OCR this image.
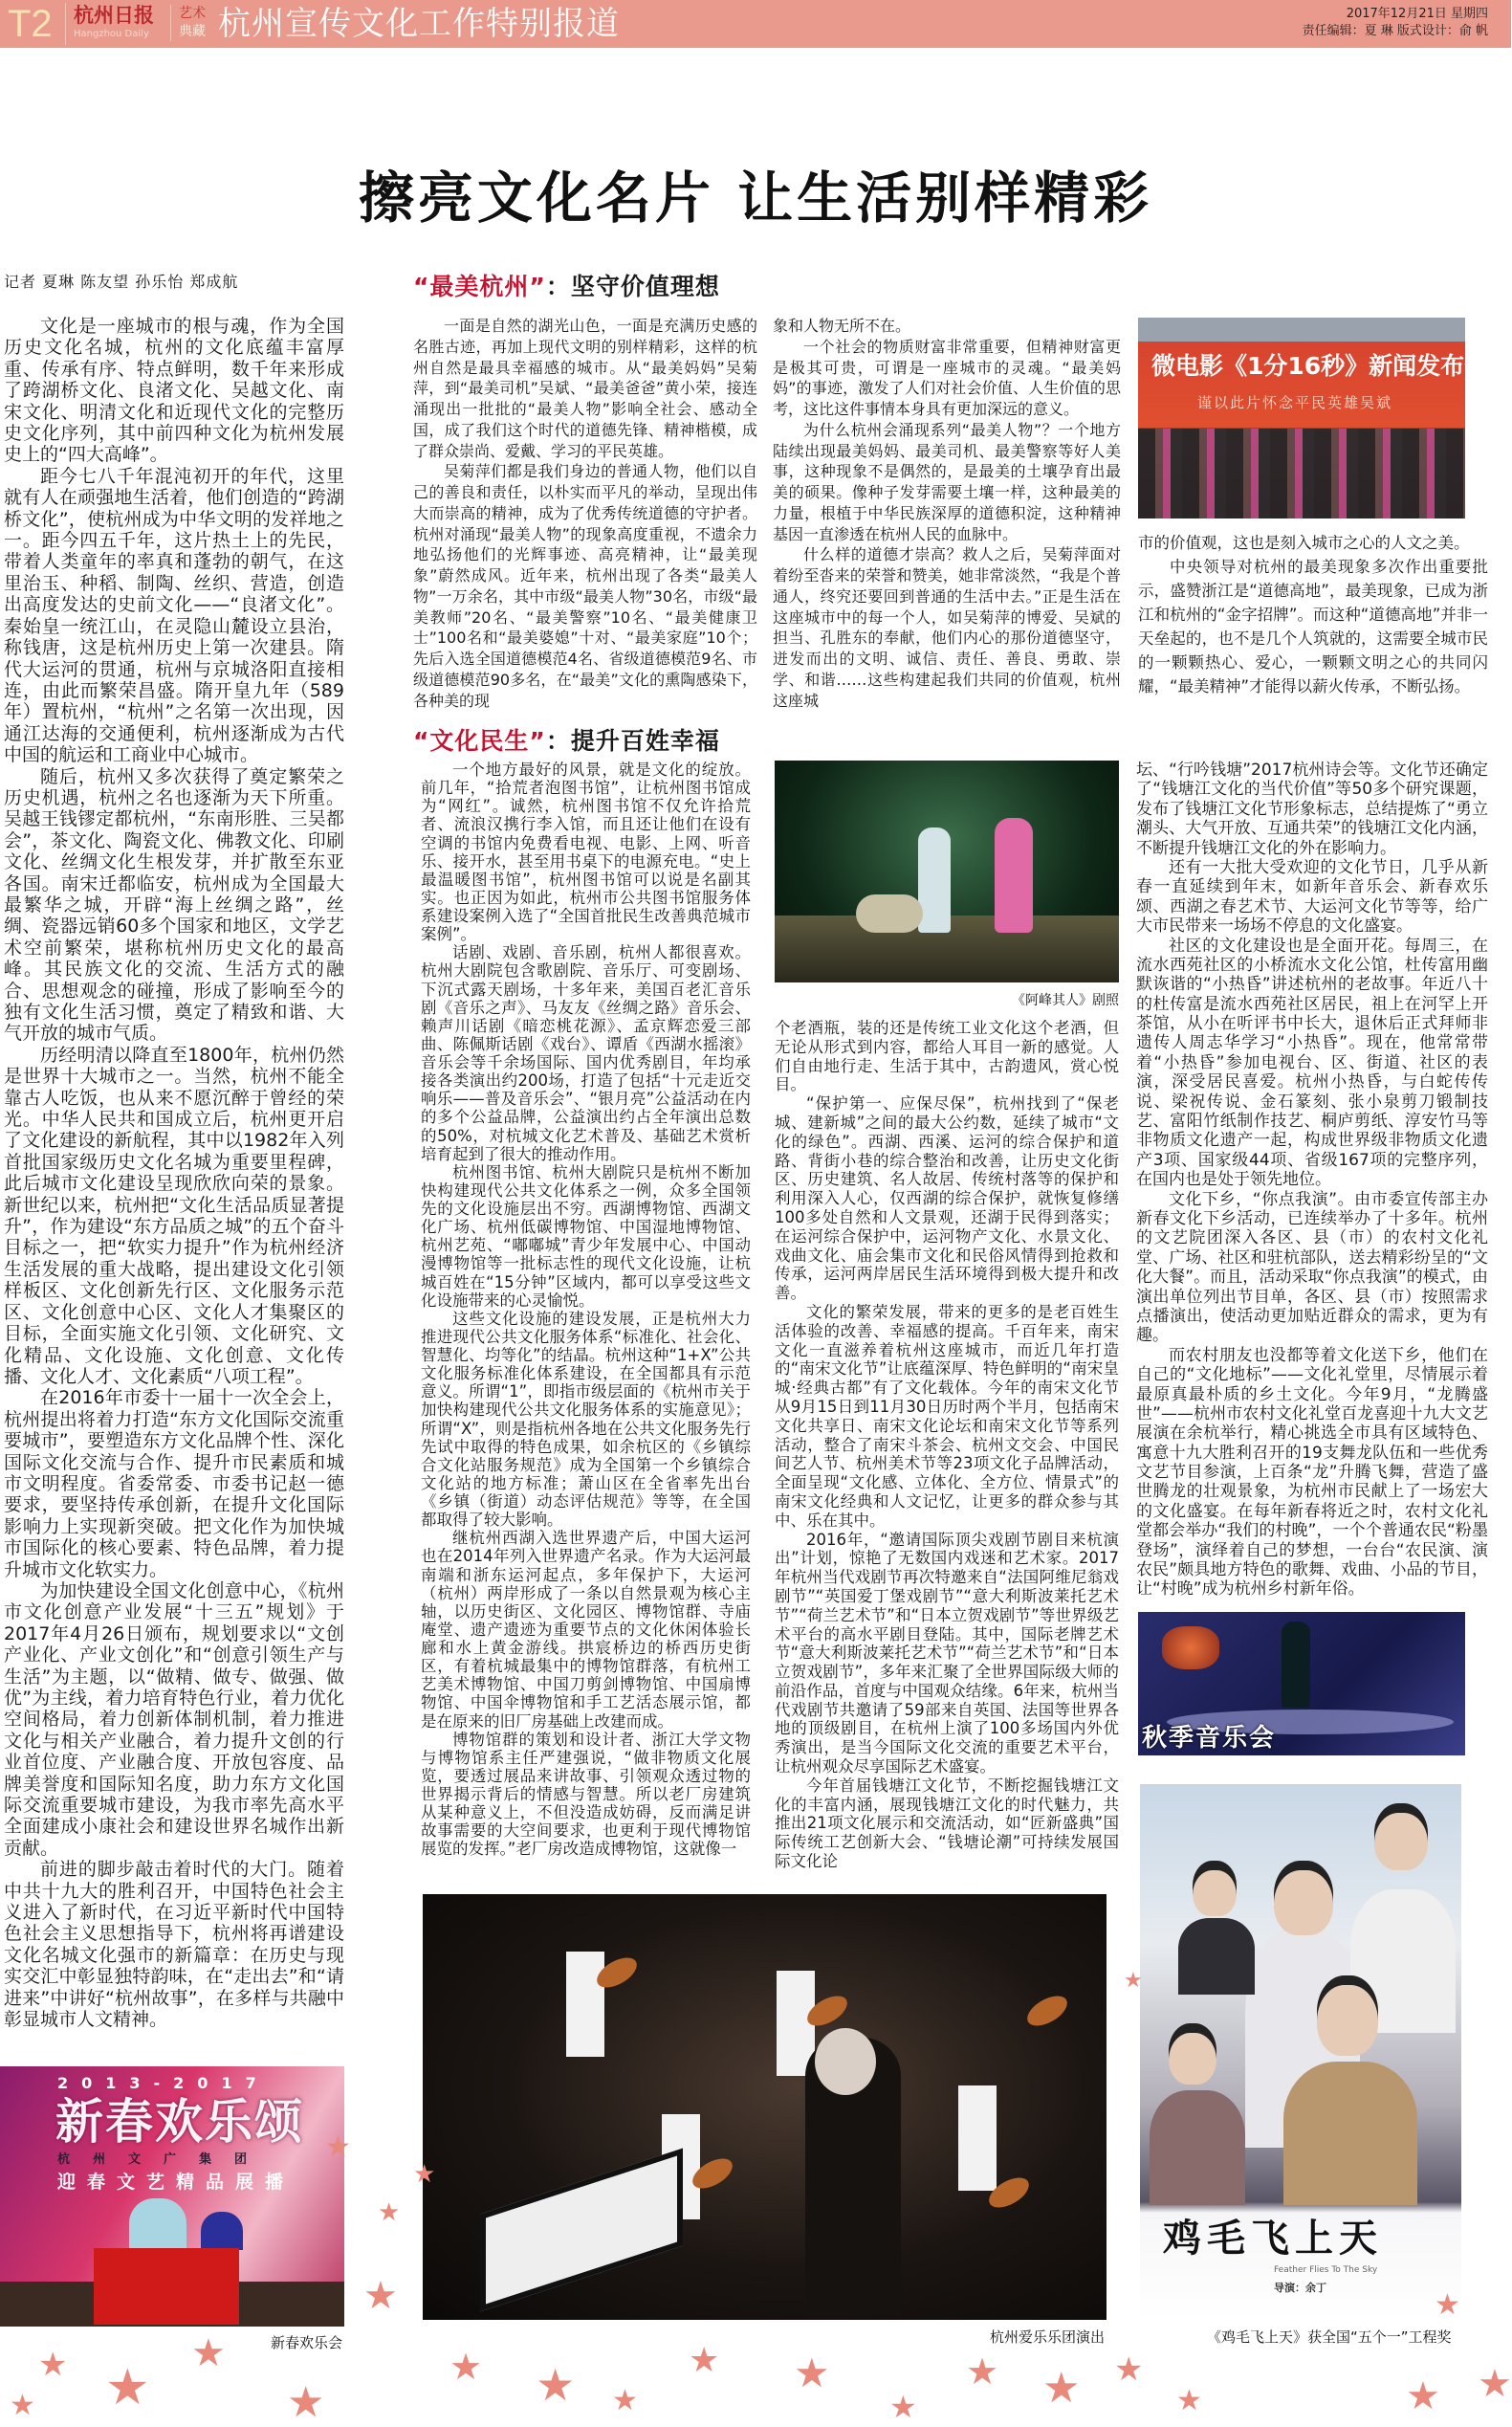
T2 杭州日报
Hangzhou Daily
艺术
典藏 杭州宣传文化工作特别报道	2017年12月21日 星期四
责任编辑：夏 琳 版式设计：俞 帆
擦亮文化名片 让生活别样精彩
记者 夏琳 陈友望 孙乐怡 郑成航

文化是一座城市的根与魂，作为全国历史文化名城，杭州的文化底蕴丰富厚重、传承有序、特点鲜明，数千年来形成了跨湖桥文化、良渚文化、吴越文化、南宋文化、明清文化和近现代文化的完整历史文化序列，其中前四种文化为杭州发展史上的“四大高峰”。

距今七八千年混沌初开的年代，这里就有人在顽强地生活着，他们创造的“跨湖桥文化”，使杭州成为中华文明的发祥地之一。距今四五千年，这片热土上的先民，带着人类童年的率真和蓬勃的朝气，在这里治玉、种稻、制陶、丝织、营造，创造出高度发达的史前文化——“良渚文化”。秦始皇一统江山，在灵隐山麓设立县治，称钱唐，这是杭州历史上第一次建县。隋代大运河的贯通，杭州与京城洛阳直接相连，由此而繁荣昌盛。隋开皇九年（589年）置杭州，“杭州”之名第一次出现，因通江达海的交通便利，杭州逐渐成为古代中国的航运和工商业中心城市。

随后，杭州又多次获得了奠定繁荣之历史机遇，杭州之名也逐渐为天下所重。吴越王钱镠定都杭州，“东南形胜、三吴都会”，茶文化、陶瓷文化、佛教文化、印刷文化、丝绸文化生根发芽，并扩散至东亚各国。南宋迁都临安，杭州成为全国最大最繁华之城，开辟“海上丝绸之路”，丝绸、瓷器远销60多个国家和地区，文学艺术空前繁荣，堪称杭州历史文化的最高峰。其民族文化的交流、生活方式的融合、思想观念的碰撞，形成了影响至今的独有文化生活习惯，奠定了精致和谐、大气开放的城市气质。

历经明清以降直至1800年，杭州仍然是世界十大城市之一。当然，杭州不能全靠古人吃饭，也从来不愿沉醉于曾经的荣光。中华人民共和国成立后，杭州更开启了文化建设的新航程，其中以1982年入列首批国家级历史文化名城为重要里程碑，此后城市文化建设呈现欣欣向荣的景象。新世纪以来，杭州把“文化生活品质显著提升”，作为建设“东方品质之城”的五个奋斗目标之一，把“软实力提升”作为杭州经济生活发展的重大战略，提出建设文化引领样板区、文化创新先行区、文化服务示范区、文化创意中心区、文化人才集聚区的目标，全面实施文化引领、文化研究、文化精品、文化设施、文化创意、文化传播、文化人才、文化素质“八项工程”。

在2016年市委十一届十一次全会上，杭州提出将着力打造“东方文化国际交流重要城市”，要塑造东方文化品牌个性、深化国际文化交流与合作、提升市民素质和城市文明程度。省委常委、市委书记赵一德要求，要坚持传承创新，在提升文化国际影响力上实现新突破。把文化作为加快城市国际化的核心要素、特色品牌，着力提升城市文化软实力。

为加快建设全国文化创意中心，《杭州市文化创意产业发展“十三五”规划》于2017年4月26日颁布，规划要求以“文创产业化、产业文创化”和“创意引领生产与生活”为主题，以“做精、做专、做强、做优”为主线，着力培育特色行业，着力优化空间格局，着力创新体制机制，着力推进文化与相关产业融合，着力提升文创的行业首位度、产业融合度、开放包容度、品牌美誉度和国际知名度，助力东方文化国际交流重要城市建设，为我市率先高水平全面建成小康社会和建设世界名城作出新贡献。

前进的脚步敲击着时代的大门。随着中共十九大的胜利召开，中国特色社会主义进入了新时代，在习近平新时代中国特色社会主义思想指导下，杭州将再谱建设文化名城文化强市的新篇章：在历史与现实交汇中彰显独特韵味，在“走出去”和“请进来”中讲好“杭州故事”，在多样与共融中彰显城市人文精神。

“最美杭州”：坚守价值理想

一面是自然的湖光山色，一面是充满历史感的名胜古迹，再加上现代文明的别样精彩，这样的杭州自然是最具幸福感的城市。从“最美妈妈”吴菊萍，到“最美司机”吴斌、“最美爸爸”黄小荣，接连涌现出一批批的“最美人物”影响全社会、感动全国，成了我们这个时代的道德先锋、精神楷模，成了群众崇尚、爱戴、学习的平民英雄。

吴菊萍们都是我们身边的普通人物，他们以自己的善良和责任，以朴实而平凡的举动，呈现出伟大而崇高的精神，成为了优秀传统道德的守护者。杭州对涌现“最美人物”的现象高度重视，不遗余力地弘扬他们的光辉事迹、高亮精神，让“最美现象”蔚然成风。近年来，杭州出现了各类“最美人物”一万余名，其中市级“最美人物”30名，市级“最美教师”20名、“最美警察”10名、“最美健康卫士”100名和“最美婆媳”十对、“最美家庭”10个；先后入选全国道德模范4名、省级道德模范9名、市级道德模范90多名，在“最美”文化的熏陶感染下，各种美的现

象和人物无所不在。

一个社会的物质财富非常重要，但精神财富更是极其可贵，可谓是一座城市的灵魂。“最美妈妈”的事迹，激发了人们对社会价值、人生价值的思考，这比这件事情本身具有更加深远的意义。

为什么杭州会涌现系列“最美人物”？一个地方陆续出现最美妈妈、最美司机、最美警察等好人美事，这种现象不是偶然的，是最美的土壤孕育出最美的硕果。像种子发芽需要土壤一样，这种最美的力量，根植于中华民族深厚的道德积淀，这种精神基因一直渗透在杭州人民的血脉中。

什么样的道德才崇高？救人之后，吴菊萍面对着纷至沓来的荣誉和赞美，她非常淡然，“我是个普通人，终究还要回到普通的生活中去。”正是生活在这座城市中的每一个人，如吴菊萍的博爱、吴斌的担当、孔胜东的奉献，他们内心的那份道德坚守，迸发而出的文明、诚信、责任、善良、勇敢、崇学、和谐……这些构建起我们共同的价值观，杭州这座城

微电影《1分16秒》新闻发布会、
谨以此片怀念平民英雄吴斌

市的价值观，这也是刻入城市之心的人文之美。

中央领导对杭州的最美现象多次作出重要批示，盛赞浙江是“道德高地”，最美现象，已成为浙江和杭州的“金字招牌”。而这种“道德高地”并非一天垒起的，也不是几个人筑就的，这需要全城市民的一颗颗热心、爱心，一颗颗文明之心的共同闪耀，“最美精神”才能得以薪火传承，不断弘扬。

“文化民生”：提升百姓幸福

一个地方最好的风景，就是文化的绽放。前几年，“拾荒者泡图书馆”，让杭州图书馆成为“网红”。诚然，杭州图书馆不仅允许拾荒者、流浪汉携行李入馆，而且还让他们在设有空调的书馆内免费看电视、电影、上网、听音乐、接开水，甚至用书桌下的电源充电。“史上最温暖图书馆”，杭州图书馆可以说是名副其实。也正因为如此，杭州市公共图书馆服务体系建设案例入选了“全国首批民生改善典范城市案例”。

话剧、戏剧、音乐剧，杭州人都很喜欢。杭州大剧院包含歌剧院、音乐厅、可变剧场、下沉式露天剧场，十多年来，美国百老汇音乐剧《音乐之声》、马友友《丝绸之路》音乐会、赖声川话剧《暗恋桃花源》、孟京辉恋爱三部曲、陈佩斯话剧《戏台》、谭盾《西湖水摇滚》音乐会等千余场国际、国内优秀剧目，年均承接各类演出约200场，打造了包括“十元走近交响乐——普及音乐会”、“银月亮”公益活动在内的多个公益品牌，公益演出约占全年演出总数的50%，对杭城文化艺术普及、基础艺术赏析培育起到了很大的推动作用。

杭州图书馆、杭州大剧院只是杭州不断加快构建现代公共文化体系之一例，众多全国领先的文化设施层出不穷。西湖博物馆、西湖文化广场、杭州低碳博物馆、中国湿地博物馆、杭州艺苑、“嘟嘟城”青少年发展中心、中国动漫博物馆等一批标志性的现代文化设施，让杭城百姓在“15分钟”区域内，都可以享受这些文化设施带来的心灵愉悦。

这些文化设施的建设发展，正是杭州大力推进现代公共文化服务体系“标准化、社会化、智慧化、均等化”的结晶。杭州这种“1+X”公共文化服务标准化体系建设，在全国都具有示范意义。所谓“1”，即指市级层面的《杭州市关于加快构建现代公共文化服务体系的实施意见》；所谓“X”，则是指杭州各地在公共文化服务先行先试中取得的特色成果，如余杭区的《乡镇综合文化站服务规范》成为全国第一个乡镇综合文化站的地方标准；萧山区在全省率先出台《乡镇（街道）动态评估规范》等等，在全国都取得了较大影响。

继杭州西湖入选世界遗产后，中国大运河也在2014年列入世界遗产名录。作为大运河最南端和浙东运河起点，多年保护下，大运河（杭州）两岸形成了一条以自然景观为核心主轴，以历史街区、文化园区、博物馆群、寺庙庵堂、遗产遗迹为重要节点的文化休闲体验长廊和水上黄金游线。拱宸桥边的桥西历史街区，有着杭城最集中的博物馆群落，有杭州工艺美术博物馆、中国刀剪剑博物馆、中国扇博物馆、中国伞博物馆和手工艺活态展示馆，都是在原来的旧厂房基础上改建而成。

博物馆群的策划和设计者、浙江大学文物与博物馆系主任严建强说，“做非物质文化展览，要透过展品来讲故事、引领观众透过物的世界揭示背后的情感与智慧。所以老厂房建筑从某种意义上，不但没造成妨碍，反而满足讲故事需要的大空间要求，也更利于现代博物馆展览的发挥。”老厂房改造成博物馆，这就像一

《阿峰其人》剧照

个老酒瓶，装的还是传统工业文化这个老酒，但无论从形式到内容，都给人耳目一新的感觉。人们自由地行走、生活于其中，古韵遗风，赏心悦目。

“保护第一、应保尽保”，杭州找到了“保老城、建新城”之间的最大公约数，延续了城市“文化的绿色”。西湖、西溪、运河的综合保护和道路、背街小巷的综合整治和改善，让历史文化街区、历史建筑、名人故居、传统村落等的保护和利用深入人心，仅西湖的综合保护，就恢复修缮100多处自然和人文景观，还湖于民得到落实；在运河综合保护中，运河物产文化、水景文化、戏曲文化、庙会集市文化和民俗风情得到抢救和传承，运河两岸居民生活环境得到极大提升和改善。

文化的繁荣发展，带来的更多的是老百姓生活体验的改善、幸福感的提高。千百年来，南宋文化一直滋养着杭州这座城市，而近几年打造的“南宋文化节”让底蕴深厚、特色鲜明的“南宋皇城·经典古都”有了文化载体。今年的南宋文化节从9月15日到11月30日历时两个半月，包括南宋文化共享日、南宋文化论坛和南宋文化节等系列活动，整合了南宋斗茶会、杭州文交会、中国民间艺人节、杭州美术节等23项文化子品牌活动，全面呈现“文化感、立体化、全方位、情景式”的南宋文化经典和人文记忆，让更多的群众参与其中、乐在其中。

2016年，“邀请国际顶尖戏剧节剧目来杭演出”计划，惊艳了无数国内戏迷和艺术家。2017年杭州当代戏剧节再次特邀来自“法国阿维尼翁戏剧节”“英国爱丁堡戏剧节”“意大利斯波莱托艺术节”“荷兰艺术节”和“日本立贺戏剧节”等世界级艺术平台的高水平剧目登陆。其中，国际老牌艺术节“意大利斯波莱托艺术节”“荷兰艺术节”和“日本立贺戏剧节”，多年来汇聚了全世界国际级大师的前沿作品，首度与中国观众结缘。6年来，杭州当代戏剧节共邀请了59部来自英国、法国等世界各地的顶级剧目，在杭州上演了100多场国内外优秀演出，是当今国际文化交流的重要艺术平台，让杭州观众尽享国际艺术盛宴。

今年首届钱塘江文化节，不断挖掘钱塘江文化的丰富内涵，展现钱塘江文化的时代魅力，共推出21项文化展示和交流活动，如“匠新盛典”国际传统工艺创新大会、“钱塘论潮”可持续发展国际文化论

坛、“行吟钱塘”2017杭州诗会等。文化节还确定了“钱塘江文化的当代价值”等50多个研究课题，发布了钱塘江文化节形象标志，总结提炼了“勇立潮头、大气开放、互通共荣”的钱塘江文化内涵，不断提升钱塘江文化的外在影响力。

还有一大批大受欢迎的文化节日，几乎从新春一直延续到年末，如新年音乐会、新春欢乐颂、西湖之春艺术节、大运河文化节等等，给广大市民带来一场场不停息的文化盛宴。

社区的文化建设也是全面开花。每周三，在流水西苑社区的小桥流水文化公馆，杜传富用幽默诙谐的“小热昏”讲述杭州的老故事。年近八十的杜传富是流水西苑社区居民，祖上在河罕上开茶馆，从小在听评书中长大，退休后正式拜师非遗传人周志华学习“小热昏”。现在，他常常带着“小热昏”参加电视台、区、街道、社区的表演，深受居民喜爱。杭州小热昏，与白蛇传传说、梁祝传说、金石篆刻、张小泉剪刀锻制技艺、富阳竹纸制作技艺、桐庐剪纸、淳安竹马等非物质文化遗产一起，构成世界级非物质文化遗产3项、国家级44项、省级167项的完整序列，在国内也是处于领先地位。

文化下乡，“你点我演”。由市委宣传部主办新春文化下乡活动，已连续举办了十多年。杭州的文艺院团深入各区、县（市）的农村文化礼堂、广场、社区和驻杭部队，送去精彩纷呈的“文化大餐”。而且，活动采取“你点我演”的模式，由演出单位列出节目单，各区、县（市）按照需求点播演出，使活动更加贴近群众的需求，更为有趣。

而农村朋友也没都等着文化送下乡，他们在自己的“文化地标”——文化礼堂里，尽情展示着最原真最朴质的乡土文化。今年9月，“龙腾盛世”——杭州市农村文化礼堂百龙喜迎十九大文艺展演在余杭举行，精心挑选全市具有区域特色、寓意十九大胜利召开的19支舞龙队伍和一些优秀文艺节目参演，上百条“龙”升腾飞舞，营造了盛世腾龙的壮观景象，为杭州市民献上了一场宏大的文化盛宴。在每年新春将近之时，农村文化礼堂都会举办“我们的村晚”，一个个普通农民“粉墨登场”，演绎着自己的梦想，一台台“农民演、演农民”颇具地方特色的歌舞、戏曲、小品的节目，让“村晚”成为杭州乡村新年俗。

秋季音乐会
鸡毛飞上天
Feather Flies To The Sky
导演：余丁
《鸡毛飞上天》获全国“五个一”工程奖
杭州爱乐乐团演出
2013-2017
新春欢乐颂
杭州文广集团
迎春文艺精品展播
新春欢乐会
★ ★
★
★
★
★
★
★
★ ★ ★
★ ★
★
★ ★ ★
★
★
★
★
★
★
